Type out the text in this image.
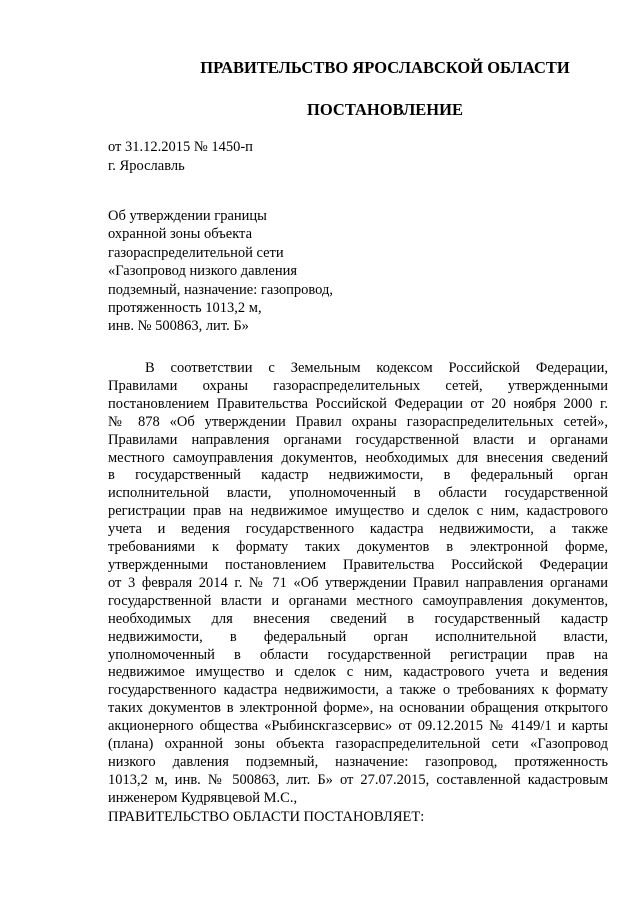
ПРАВИТЕЛЬСТВО ЯРОСЛАВСКОЙ ОБЛАСТИ
ПОСТАНОВЛЕНИЕ
от 31.12.2015 № 1450-п
г. Ярославль
Об утверждении границы
охранной зоны объекта
газораспределительной сети
«Газопровод низкого давления
подземный, назначение: газопровод,
протяженность 1013,2 м,
инв. № 500863, лит. Б»
В соответствии с Земельным кодексом Российской Федерации,
Правилами охраны газораспределительных сетей, утвержденными
постановлением Правительства Российской Федерации от 20 ноября 2000 г.
№ 878 «Об утверждении Правил охраны газораспределительных сетей»,
Правилами направления органами государственной власти и органами
местного самоуправления документов, необходимых для внесения сведений
в государственный кадастр недвижимости, в федеральный орган
исполнительной власти, уполномоченный в области государственной
регистрации прав на недвижимое имущество и сделок с ним, кадастрового
учета и ведения государственного кадастра недвижимости, а также
требованиями к формату таких документов в электронной форме,
утвержденными постановлением Правительства Российской Федерации
от 3 февраля 2014 г. № 71 «Об утверждении Правил направления органами
государственной власти и органами местного самоуправления документов,
необходимых для внесения сведений в государственный кадастр
недвижимости, в федеральный орган исполнительной власти,
уполномоченный в области государственной регистрации прав на
недвижимое имущество и сделок с ним, кадастрового учета и ведения
государственного кадастра недвижимости, а также о требованиях к формату
таких документов в электронной форме», на основании обращения открытого
акционерного общества «Рыбинскгазсервис» от 09.12.2015 № 4149/1 и карты
(плана) охранной зоны объекта газораспределительной сети «Газопровод
низкого давления подземный, назначение: газопровод, протяженность
1013,2 м, инв. № 500863, лит. Б» от 27.07.2015, составленной кадастровым
инженером Кудрявцевой М.С.,
ПРАВИТЕЛЬСТВО ОБЛАСТИ ПОСТАНОВЛЯЕТ:
